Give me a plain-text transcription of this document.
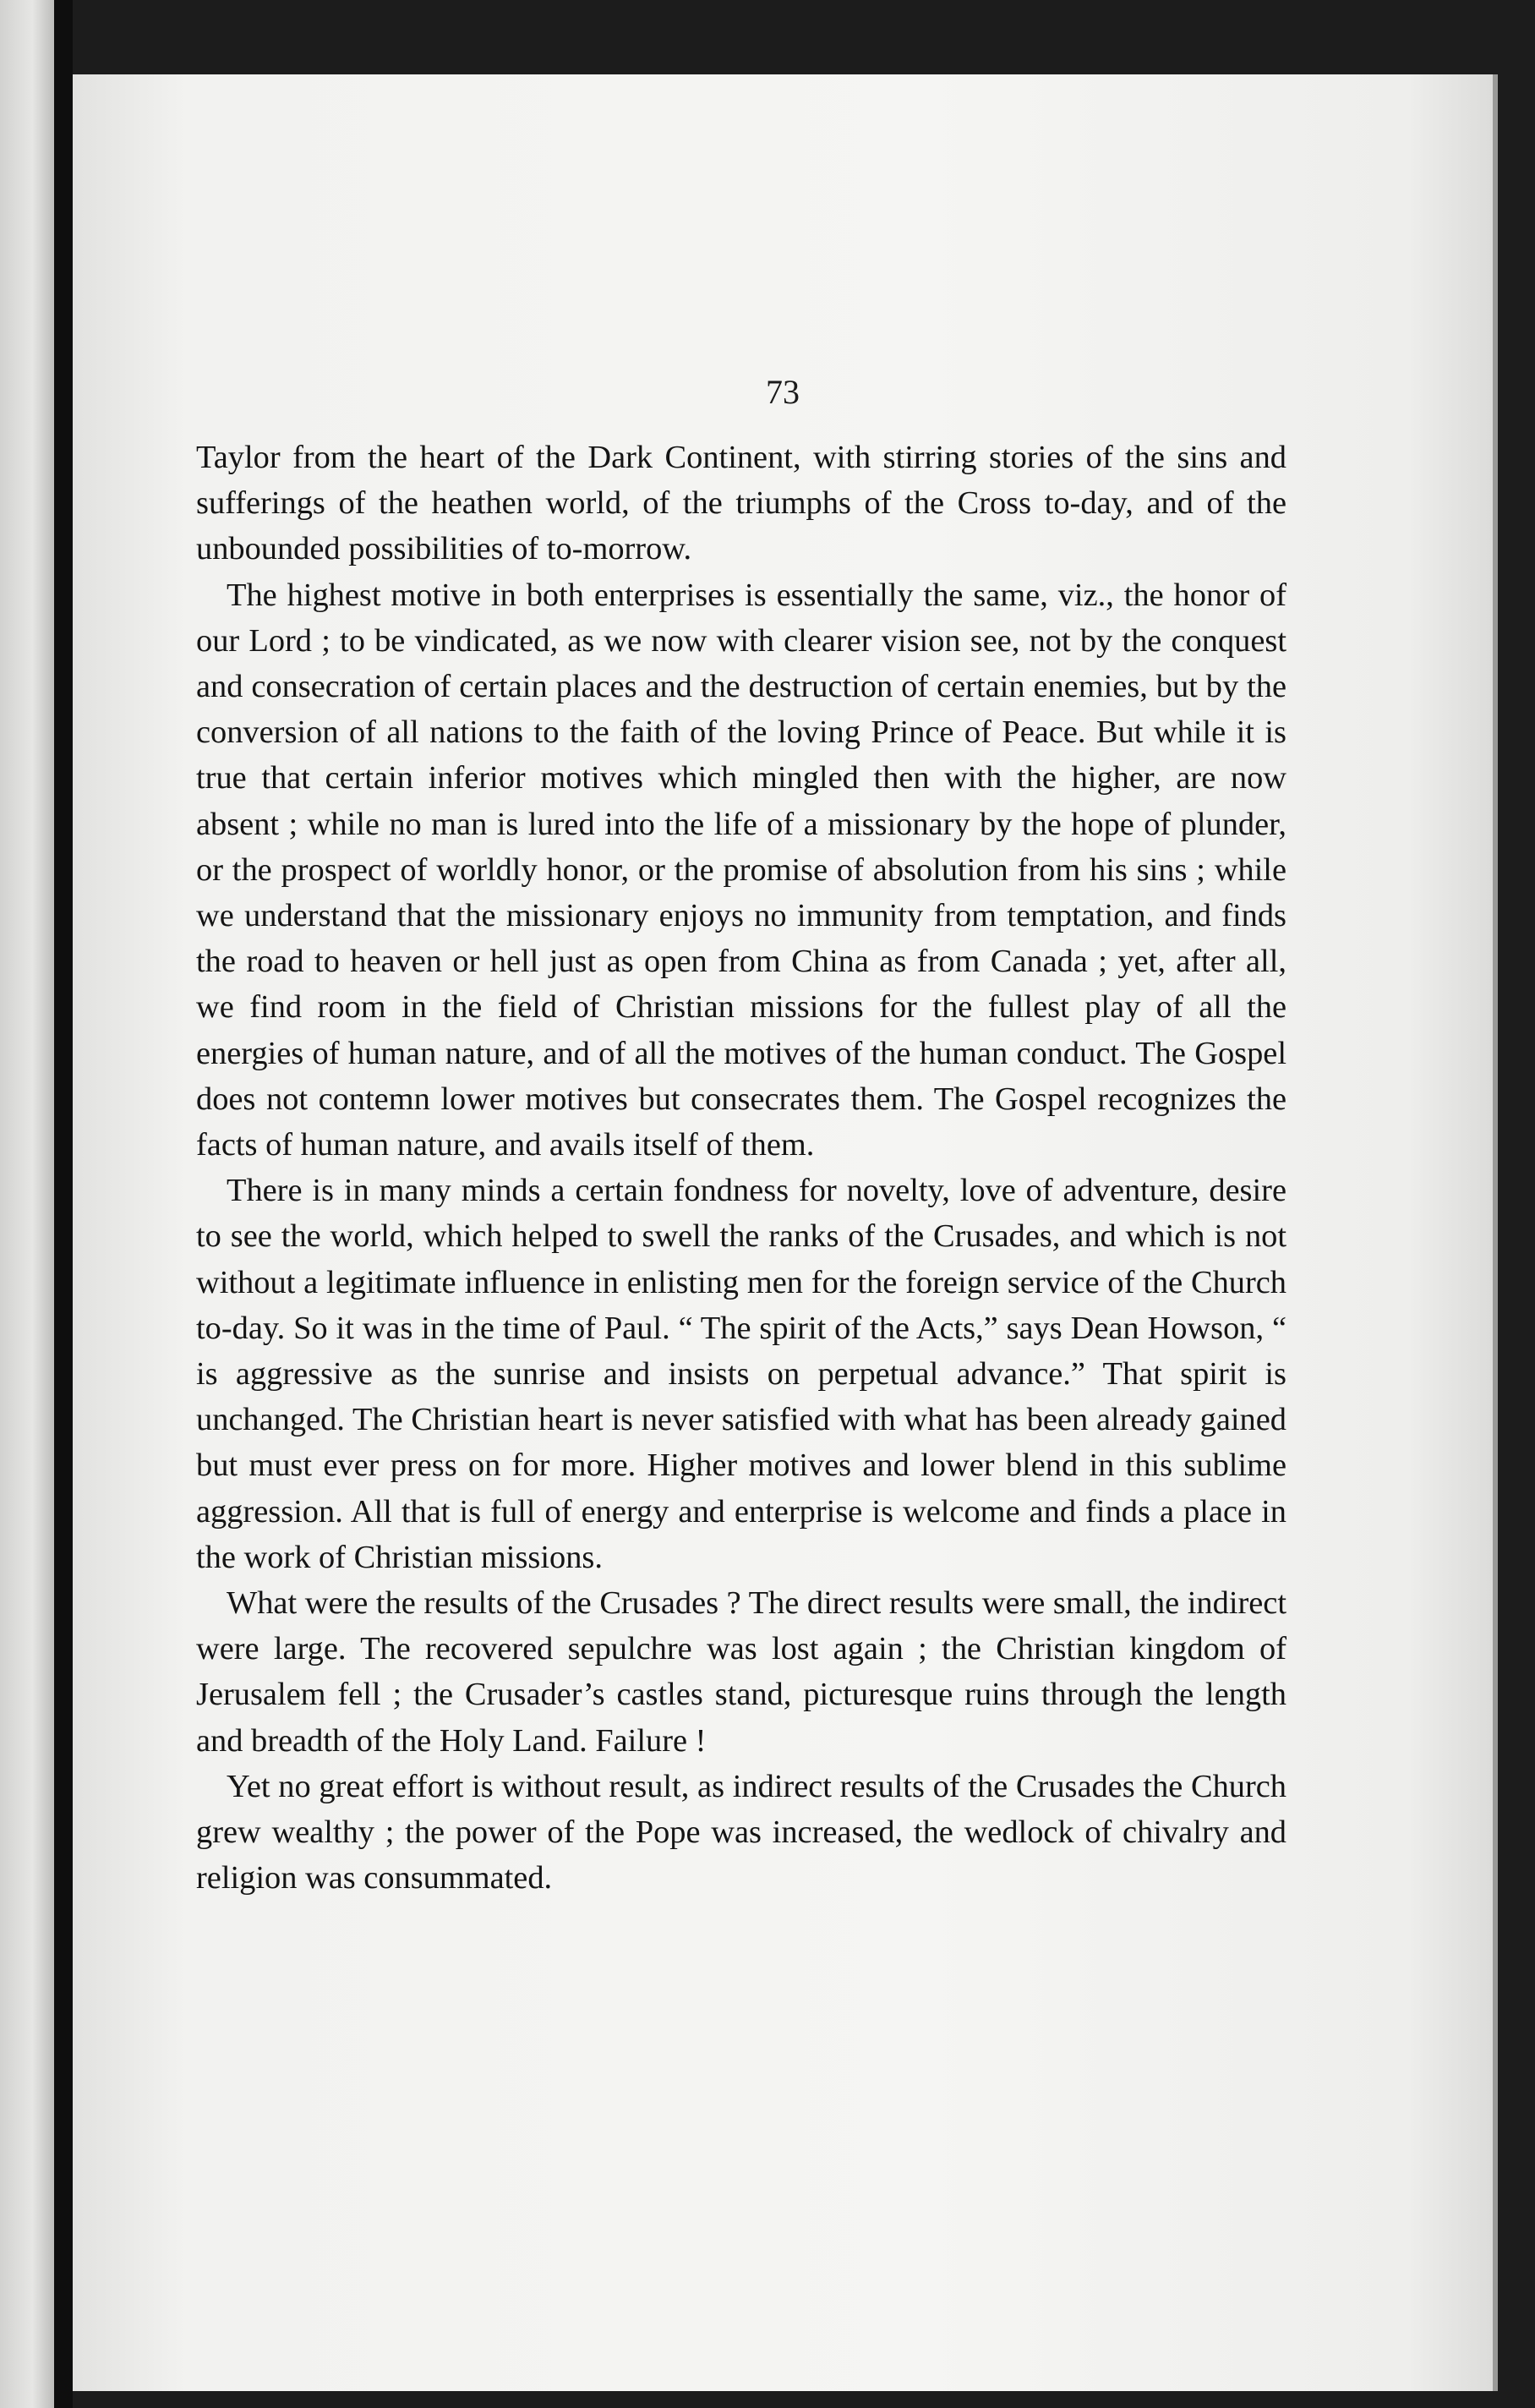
73

Taylor from the heart of the Dark Continent, with stirring stories of the sins and sufferings of the heathen world, of the triumphs of the Cross to-day, and of the unbounded possibilities of to-morrow.

The highest motive in both enterprises is essentially the same, viz., the honor of our Lord ; to be vindicated, as we now with clearer vision see, not by the conquest and consecration of certain places and the destruction of certain enemies, but by the conversion of all nations to the faith of the loving Prince of Peace. But while it is true that certain inferior motives which mingled then with the higher, are now absent ; while no man is lured into the life of a missionary by the hope of plunder, or the prospect of worldly honor, or the promise of absolution from his sins ; while we understand that the missionary enjoys no immunity from temptation, and finds the road to heaven or hell just as open from China as from Canada ; yet, after all, we find room in the field of Christian missions for the fullest play of all the energies of human nature, and of all the motives of the human conduct. The Gospel does not contemn lower motives but consecrates them. The Gospel recognizes the facts of human nature, and avails itself of them.

There is in many minds a certain fondness for novelty, love of adventure, desire to see the world, which helped to swell the ranks of the Crusades, and which is not without a legitimate influence in enlisting men for the foreign service of the Church to-day. So it was in the time of Paul. “ The spirit of the Acts,” says Dean Howson, “ is aggressive as the sunrise and insists on perpetual advance.” That spirit is unchanged. The Christian heart is never satisfied with what has been already gained but must ever press on for more. Higher motives and lower blend in this sublime aggression. All that is full of energy and enterprise is welcome and finds a place in the work of Christian missions.

What were the results of the Crusades ? The direct results were small, the indirect were large. The recovered sepulchre was lost again ; the Christian kingdom of Jerusalem fell ; the Crusader’s castles stand, picturesque ruins through the length and breadth of the Holy Land. Failure !

Yet no great effort is without result, as indirect results of the Crusades the Church grew wealthy ; the power of the Pope was increased, the wedlock of chivalry and religion was consummated.
